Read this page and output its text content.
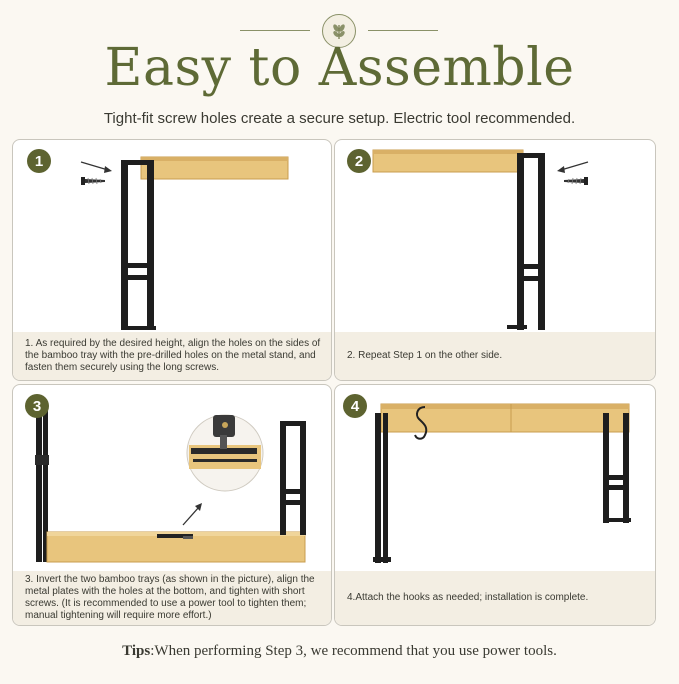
Easy to Assemble
Tight-fit screw holes create a secure setup. Electric tool recommended.
1
1. As required by the desired height, align the holes on the sides of the bamboo tray with the pre-drilled holes on the metal stand, and fasten them securely using the long screws.
2
2. Repeat Step 1 on the other side.
3
3. Invert the two bamboo trays (as shown in the picture), align the metal plates with the holes at the bottom, and tighten with short screws. (It is recommended to use a power tool to tighten them; manual tightening will require more effort.)
4
4.Attach the hooks as needed; installation is complete.
Tips:When performing Step 3, we recommend that you use power tools.
